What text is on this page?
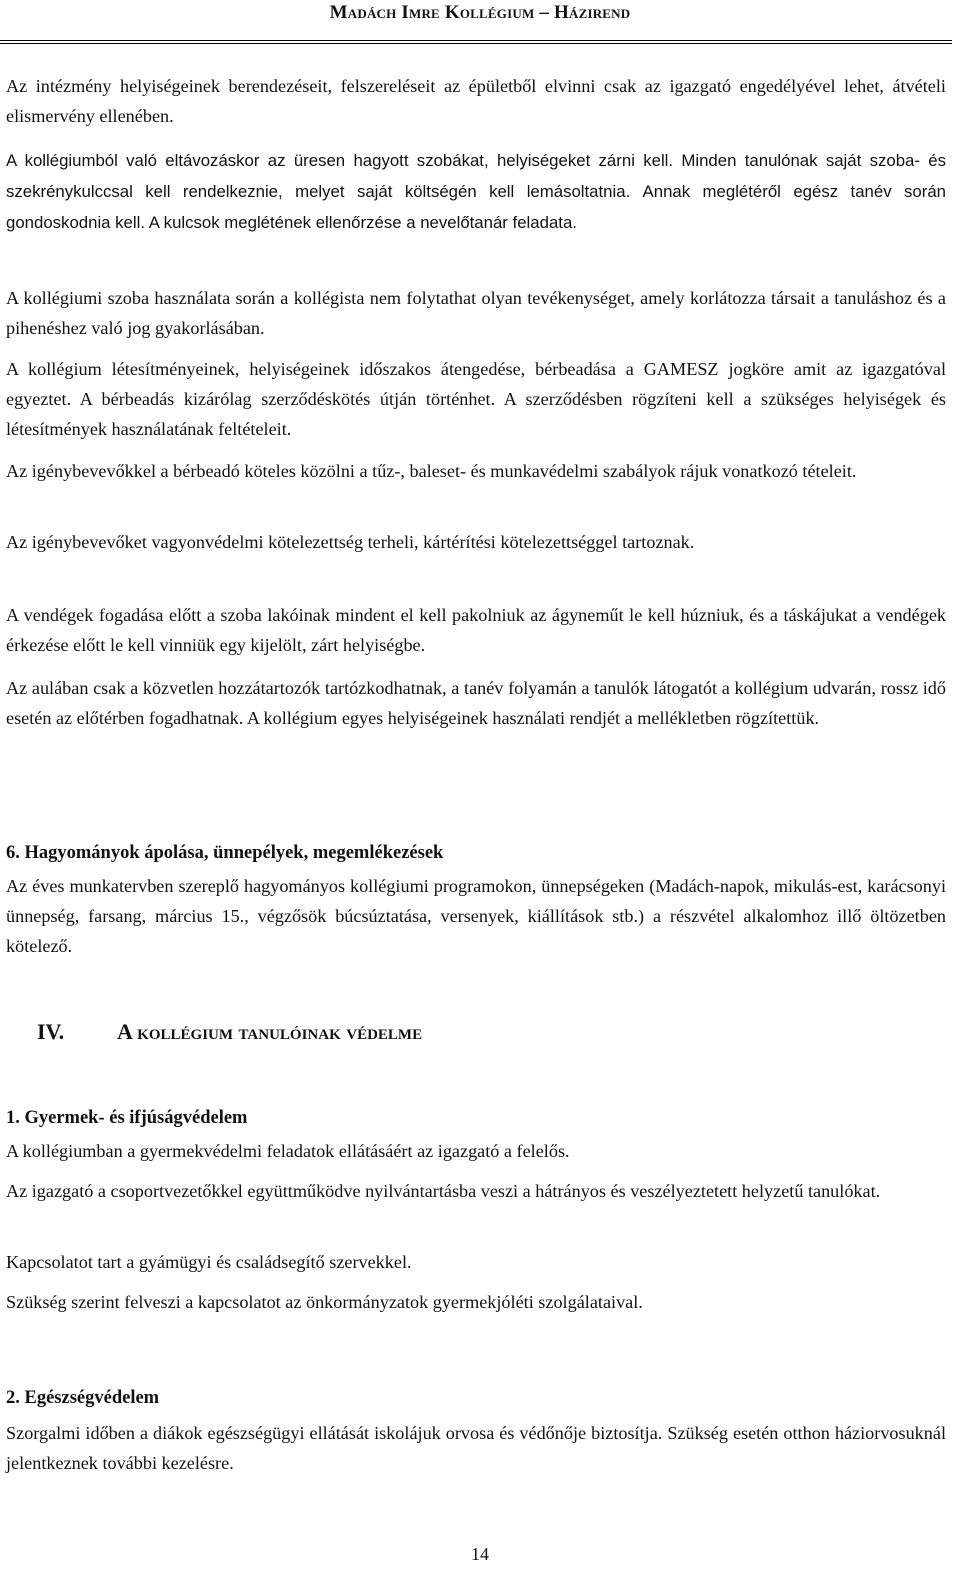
Madách Imre Kollégium – Házirend

Az intézmény helyiségeinek berendezéseit, felszereléseit az épületből elvinni csak az igazgató engedélyével lehet, átvételi elismervény ellenében.

A kollégiumból való eltávozáskor az üresen hagyott szobákat, helyiségeket zárni kell. Minden tanulónak saját szoba- és szekrénykulccsal kell rendelkeznie, melyet saját költségén kell lemásoltatnia. Annak meglétéről egész tanév során gondoskodnia kell. A kulcsok meglétének ellenőrzése a nevelőtanár feladata.

A kollégiumi szoba használata során a kollégista nem folytathat olyan tevékenységet, amely korlátozza társait a tanuláshoz és a pihenéshez való jog gyakorlásában.

A kollégium létesítményeinek, helyiségeinek időszakos átengedése, bérbeadása a GAMESZ jogköre amit az igazgatóval egyeztet. A bérbeadás kizárólag szerződéskötés útján történhet. A szerződésben rögzíteni kell a szükséges helyiségek és létesítmények használatának feltételeit.

Az igénybevevőkkel a bérbeadó köteles közölni a tűz-, baleset- és munkavédelmi szabályok rájuk vonatkozó tételeit.

Az igénybevevőket vagyonvédelmi kötelezettség terheli, kártérítési kötelezettséggel tartoznak.

A vendégek fogadása előtt a szoba lakóinak mindent el kell pakolniuk az ágyneműt le kell húzniuk, és a táskájukat a vendégek érkezése előtt le kell vinniük egy kijelölt, zárt helyiségbe.

Az aulában csak a közvetlen hozzátartozók tartózkodhatnak, a tanév folyamán a tanulók látogatót a kollégium udvarán, rossz idő esetén az előtérben fogadhatnak. A kollégium egyes helyiségeinek használati rendjét a mellékletben rögzítettük.

6. Hagyományok ápolása, ünnepélyek, megemlékezések

Az éves munkatervben szereplő hagyományos kollégiumi programokon, ünnepségeken (Madách-napok, mikulás-est, karácsonyi ünnepség, farsang, március 15., végzősök búcsúztatása, versenyek, kiállítások stb.) a részvétel alkalomhoz illő öltözetben kötelező.

IV. A kollégium tanulóinak védelme
1. Gyermek- és ifjúságvédelem

A kollégiumban a gyermekvédelmi feladatok ellátásáért az igazgató a felelős.

Az igazgató a csoportvezetőkkel együttműködve nyilvántartásba veszi a hátrányos és veszélyeztetett helyzetű tanulókat.

Kapcsolatot tart a gyámügyi és családsegítő szervekkel.

Szükség szerint felveszi a kapcsolatot az önkormányzatok gyermekjóléti szolgálataival.

2. Egészségvédelem

Szorgalmi időben a diákok egészségügyi ellátását iskolájuk orvosa és védőnője biztosítja. Szükség esetén otthon háziorvosuknál jelentkeznek további kezelésre.

14
